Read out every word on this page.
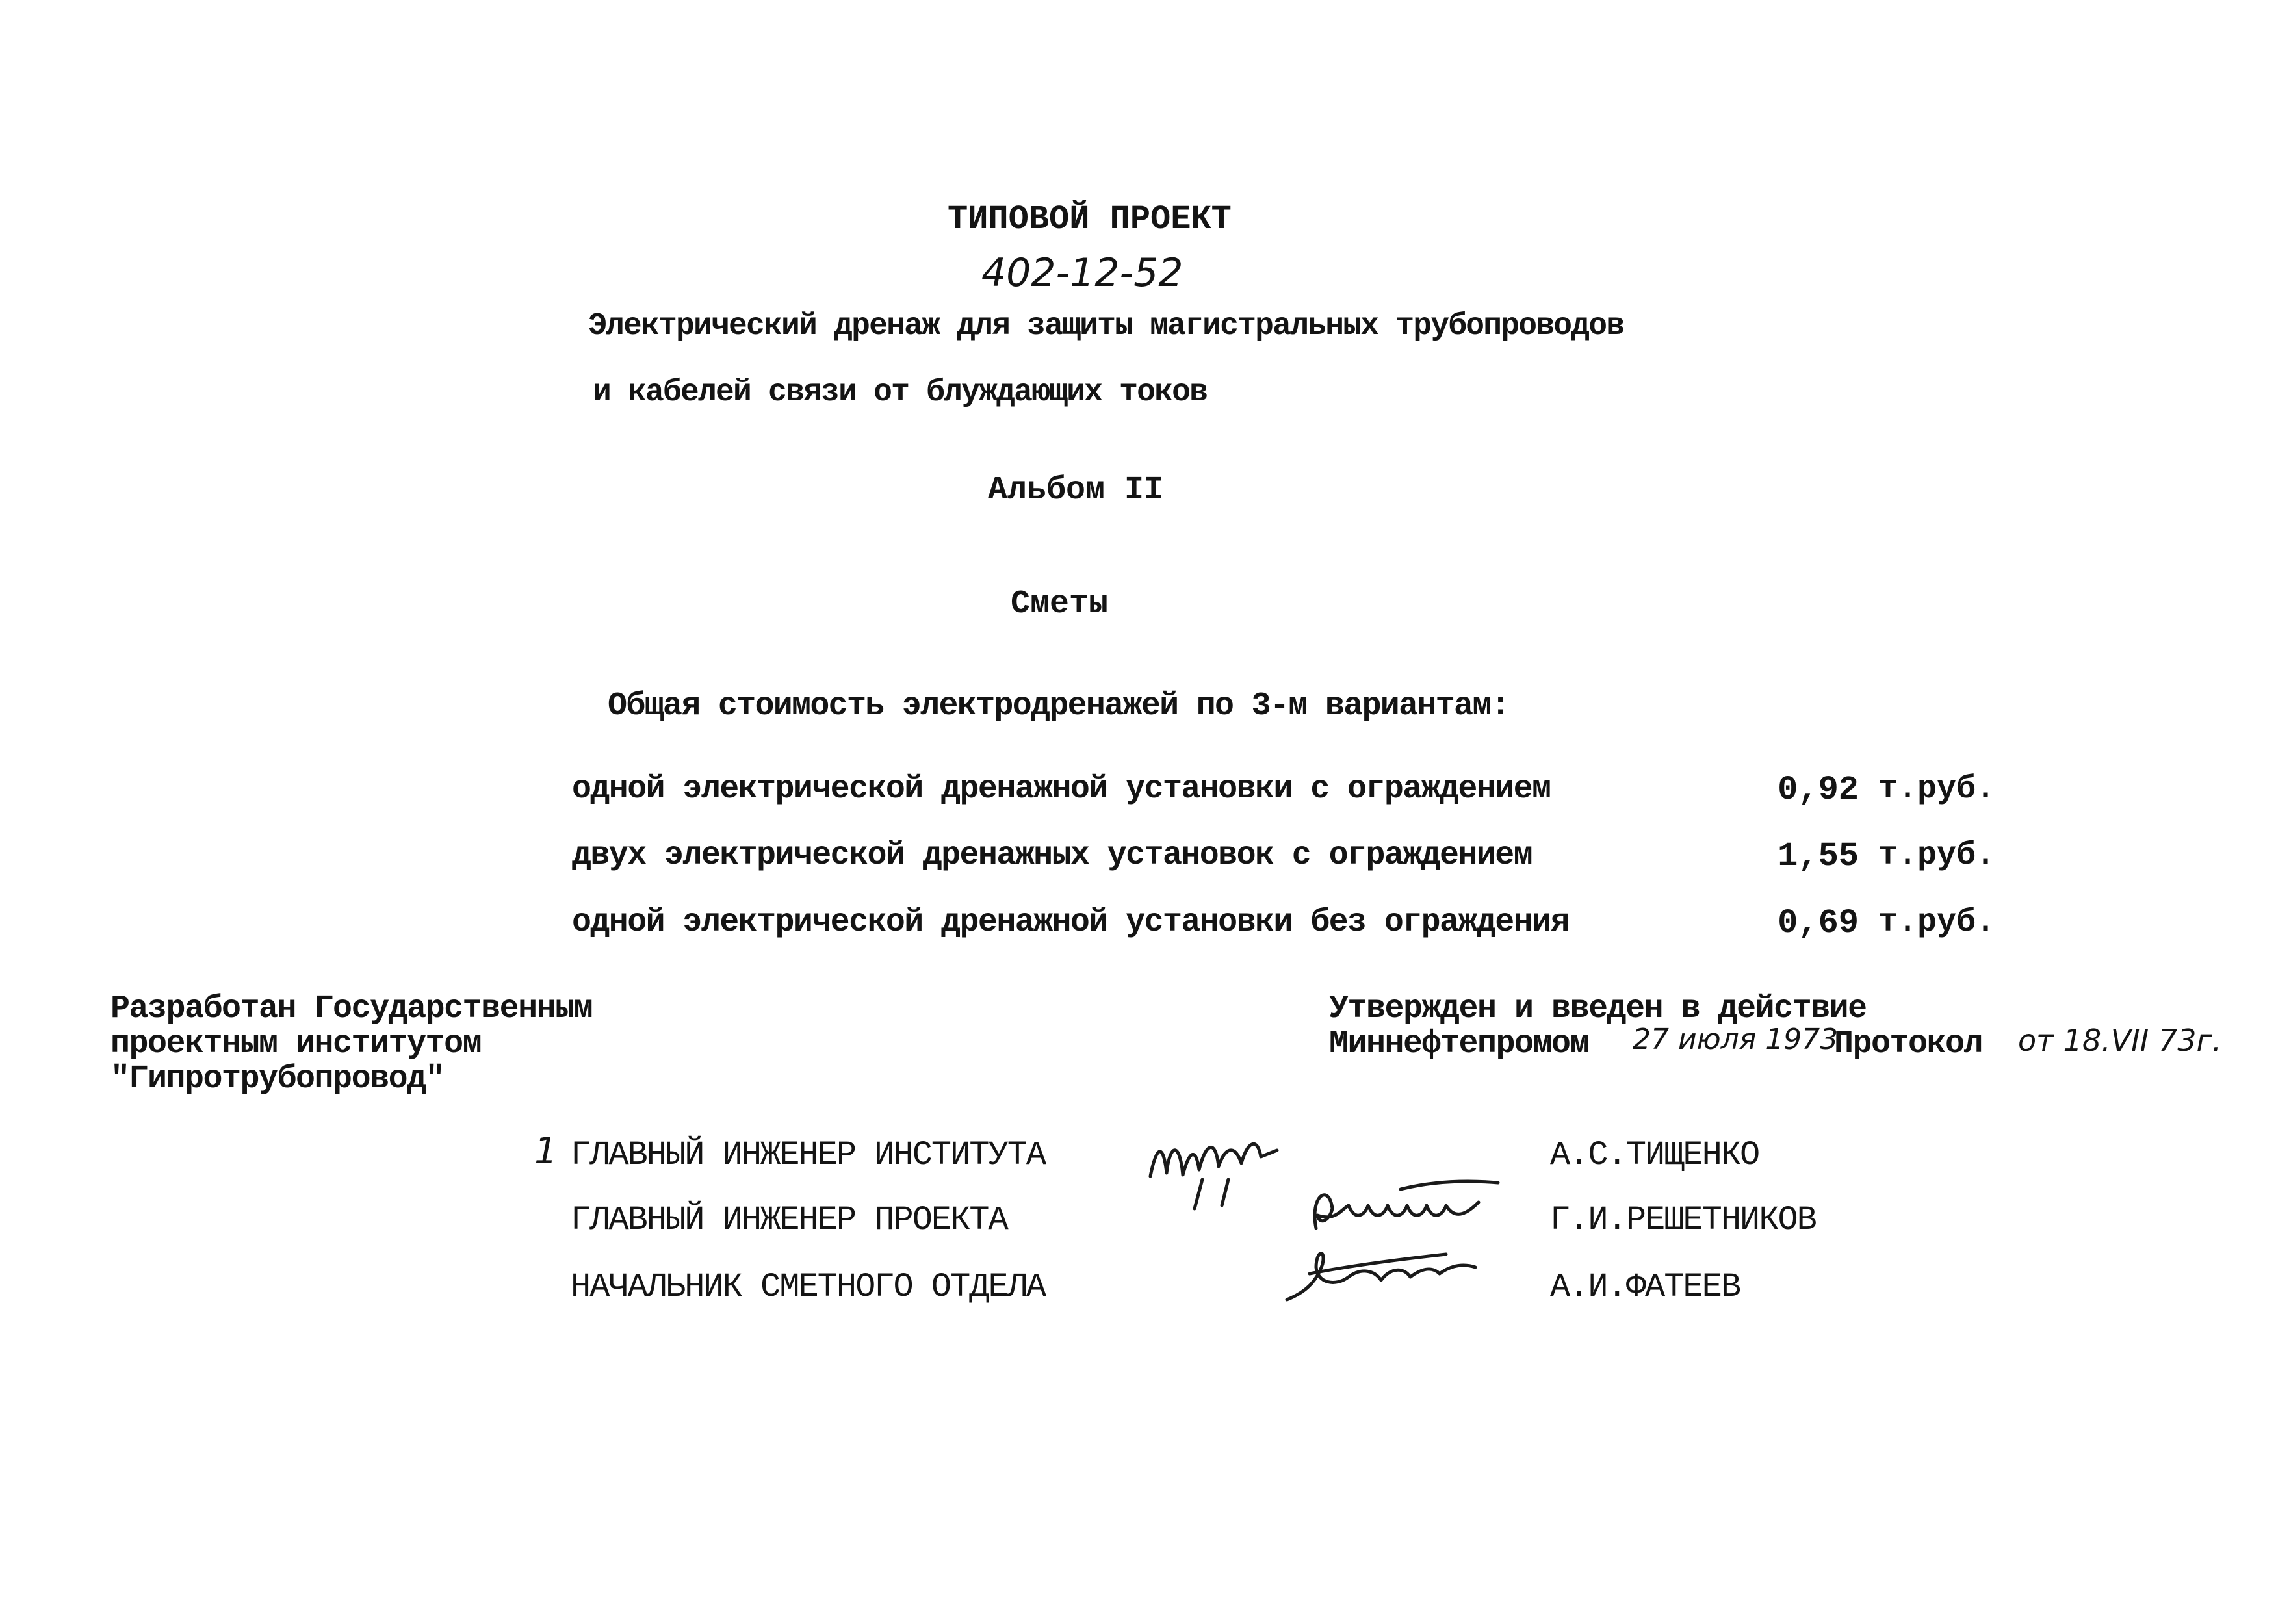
ТИПОВОЙ ПРОЕКТ
402-12-52
Электрический дренаж для защиты магистральных трубопроводов
и кабелей связи от блуждающих токов
Альбом II
Сметы
Общая стоимость электродренажей по 3-м вариантам:
одной электрической дренажной установки с ограждением	0,92 т.руб.
двух электрической дренажных установок с ограждением	1,55 т.руб.
одной электрической дренажной установки без ограждения	0,69 т.руб.
Разработан Государственным
проектным институтом
"Гипротрубопровод"
Утвержден и введен в действие
Миннефтепромом 27 июля 1973
Протокол от 18.VII 73г.
1 ГЛАВНЫЙ ИНЖЕНЕР ИНСТИТУТА	А.С.ТИЩЕНКО
ГЛАВНЫЙ ИНЖЕНЕР ПРОЕКТА	Г.И.РЕШЕТНИКОВ
НАЧАЛЬНИК СМЕТНОГО ОТДЕЛА	А.И.ФАТЕЕВ
